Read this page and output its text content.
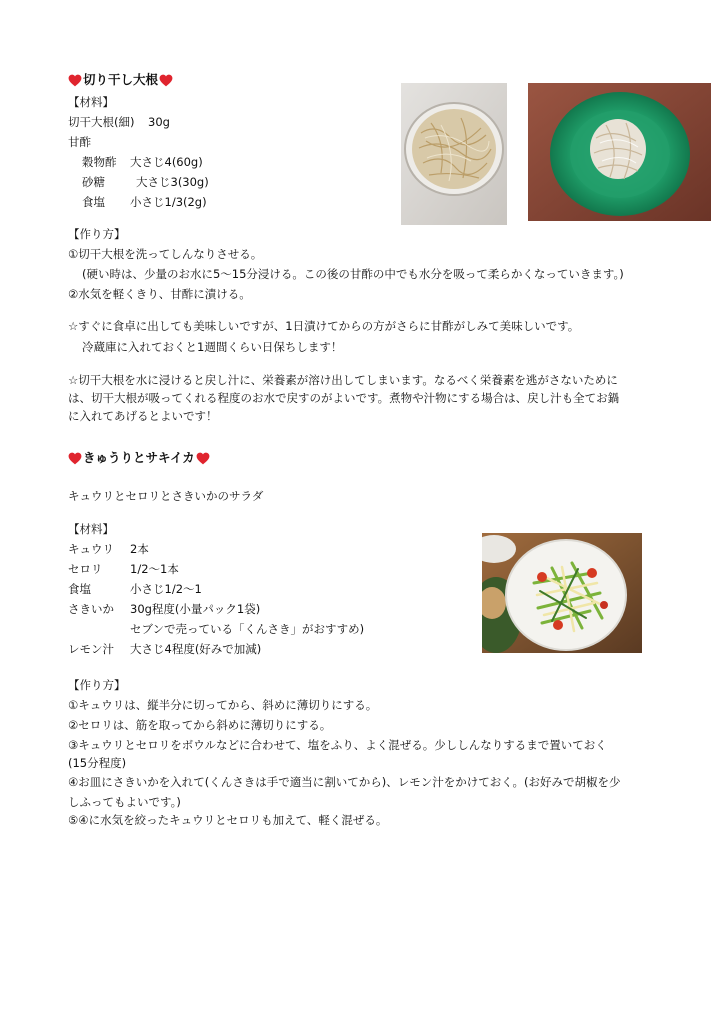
切り干し大根
【材料】
切干大根(細) 30g
甘酢
穀物酢 大さじ4(60g)
砂糖	大さじ3(30g)
食塩 小さじ1/3(2g)
【作り方】
①切干大根を洗ってしんなりさせる。
(硬い時は、少量のお水に5〜15分浸ける。この後の甘酢の中でも水分を吸って柔らかくなっていきます。)
②水気を軽くきり、甘酢に漬ける。
☆すぐに食卓に出しても美味しいですが、1日漬けてからの方がさらに甘酢がしみて美味しいです。
冷蔵庫に入れておくと1週間くらい日保ちします！
☆切干大根を水に浸けると戻し汁に、栄養素が溶け出してしまいます。なるべく栄養素を逃がさないために
は、切干大根が吸ってくれる程度のお水で戻すのがよいです。煮物や汁物にする場合は、戻し汁も全てお鍋
に入れてあげるとよいです！
きゅうりとサキイカ
キュウリとセロリとさきいかのサラダ
【材料】
キュウリ 2本
セロリ 1/2〜1本
食塩	小さじ1/2〜1
さきいか 30g程度(小量パック1袋)
セブンで売っている「くんさき」がおすすめ)
レモン汁 大さじ4程度(好みで加減)
【作り方】
①キュウリは、縦半分に切ってから、斜めに薄切りにする。
②セロリは、筋を取ってから斜めに薄切りにする。
③キュウリとセロリをボウルなどに合わせて、塩をふり、よく混ぜる。少ししんなりするまで置いておく
(15分程度)
④お皿にさきいかを入れて(くんさきは手で適当に割いてから)、レモン汁をかけておく。(お好みで胡椒を少
しふってもよいです。)
⑤④に水気を絞ったキュウリとセロリも加えて、軽く混ぜる。
